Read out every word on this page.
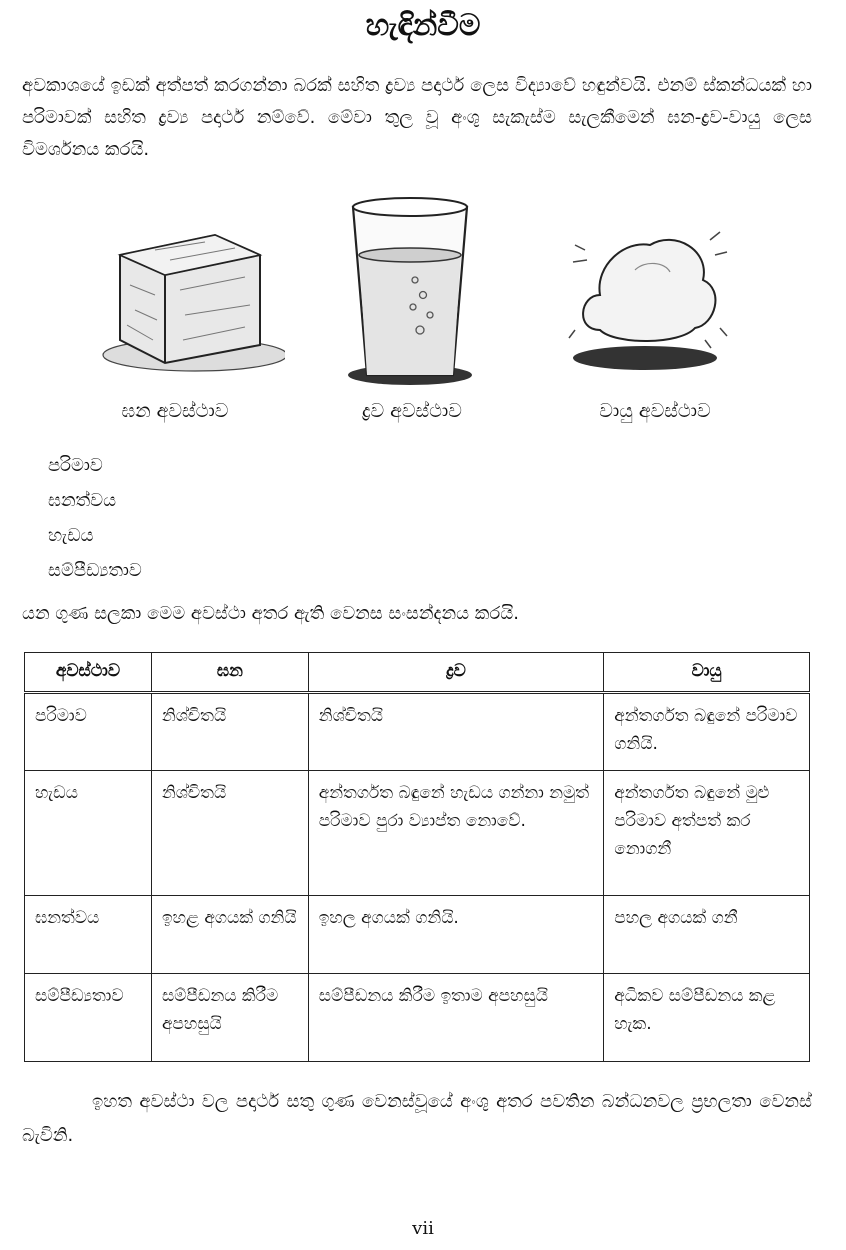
හැඳින්වීම
අවකාශයේ ඉඩක් අත්පත් කරගන්නා බරක් සහිත ද්‍රව්‍ය පදාර්ථ ලෙස විද්‍යාවේ හඳුන්වයි. එනම් ස්කන්ධයක් හා පරිමාවක් සහිත ද්‍රව්‍ය පදාර්ථ නම්වේ. මේවා තුල වූ අංශු සැකැස්ම සැලකීමෙන් ඝන-ද්‍රව-වායු ලෙස විමර්ශනය කරයි.
ඝන අවස්ථාව	ද්‍රව අවස්ථාව	වායු අවස්ථාව
පරිමාව
ඝනත්වය
හැඩය
සම්පීඩ්‍යතාව
යන ගුණ සලකා මෙම අවස්ථා අතර ඇති වෙනස සංසන්දනය කරයි.
අවස්ථාව	ඝන	ද්‍රව	වායු
පරිමාව	නිශ්චිතයි	නිශ්චිතයි	අන්තර්ගත බඳුනේ පරිමාව ගනියි.
හැඩය	නිශ්චිතයි	අන්තර්ගත බඳුනේ හැඩය ගන්නා නමුත් පරිමාව පුරා ව්‍යාප්ත නොවේ.	අන්තර්ගත බඳුනේ මුළු පරිමාව අත්පත් කර නොගනී
ඝනත්වය	ඉහළ අගයක් ගනියි	ඉහල අගයක් ගනියි.	පහල අගයක් ගනී
සම්පීඩ්‍යතාව	සම්පීඩනය කිරීම අපහසුයි	සම්පීඩනය කිරීම ඉතාම අපහසුයි	අධිකව සම්පීඩනය කළ හැක.
ඉහත අවස්ථා වල පදාර්ථ සතු ගුණ වෙනස්වූයේ අංශු අතර පවතින බන්ධනවල ප්‍රභලතා වෙනස් බැවිනි.
vii
